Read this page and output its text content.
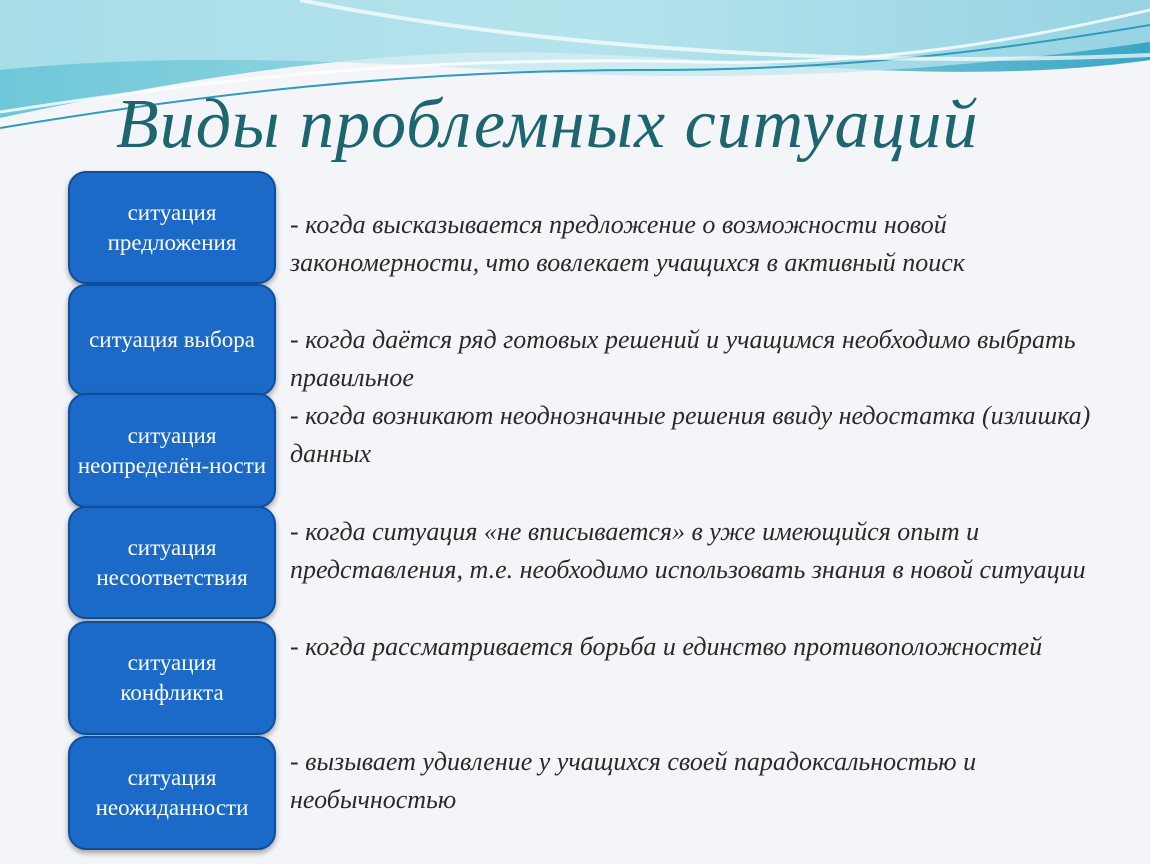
Виды проблемных ситуаций
ситуация предложения

- когда высказывается предложение о возможности новой закономерности, что вовлекает учащихся в активный поиск

ситуация выбора - когда даётся ряд готовых решений и учащимся необходимо выбрать правильное

ситуация неопределён-ности

- когда возникают неоднозначные решения ввиду недостатка (излишка) данных

ситуация несоответствия

- когда ситуация «не вписывается» в уже имеющийся опыт и представления, т.е. необходимо использовать знания в новой ситуации

ситуация конфликта

- когда рассматривается борьба и единство противоположностей

ситуация неожиданности

- вызывает удивление у учащихся своей парадоксальностью и необычностью
